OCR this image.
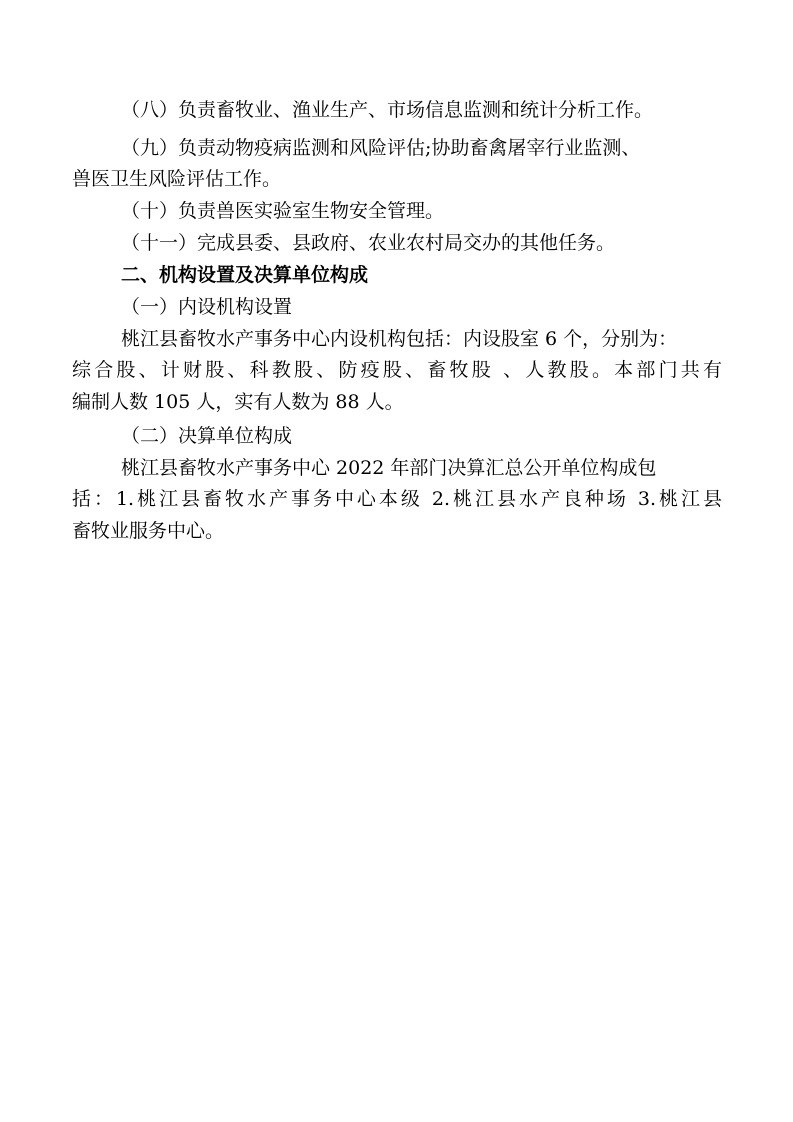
（八）负责畜牧业、渔业生产、市场信息监测和统计分析工作。
（九）负责动物疫病监测和风险评估;协助畜禽屠宰行业监测、
兽医卫生风险评估工作。
（十）负责兽医实验室生物安全管理。
（十一）完成县委、县政府、农业农村局交办的其他任务。
二、机构设置及决算单位构成
（一）内设机构设置
桃江县畜牧水产事务中心内设机构包括：内设股室 6 个，分别为：
综合股、计财股、科教股、防疫股、畜牧股 、人教股。本部门共有
编制人数 105 人，实有人数为 88 人。
（二）决算单位构成
桃江县畜牧水产事务中心 2022 年部门决算汇总公开单位构成包
括：1.桃江县畜牧水产事务中心本级 2.桃江县水产良种场 3.桃江县
畜牧业服务中心。
